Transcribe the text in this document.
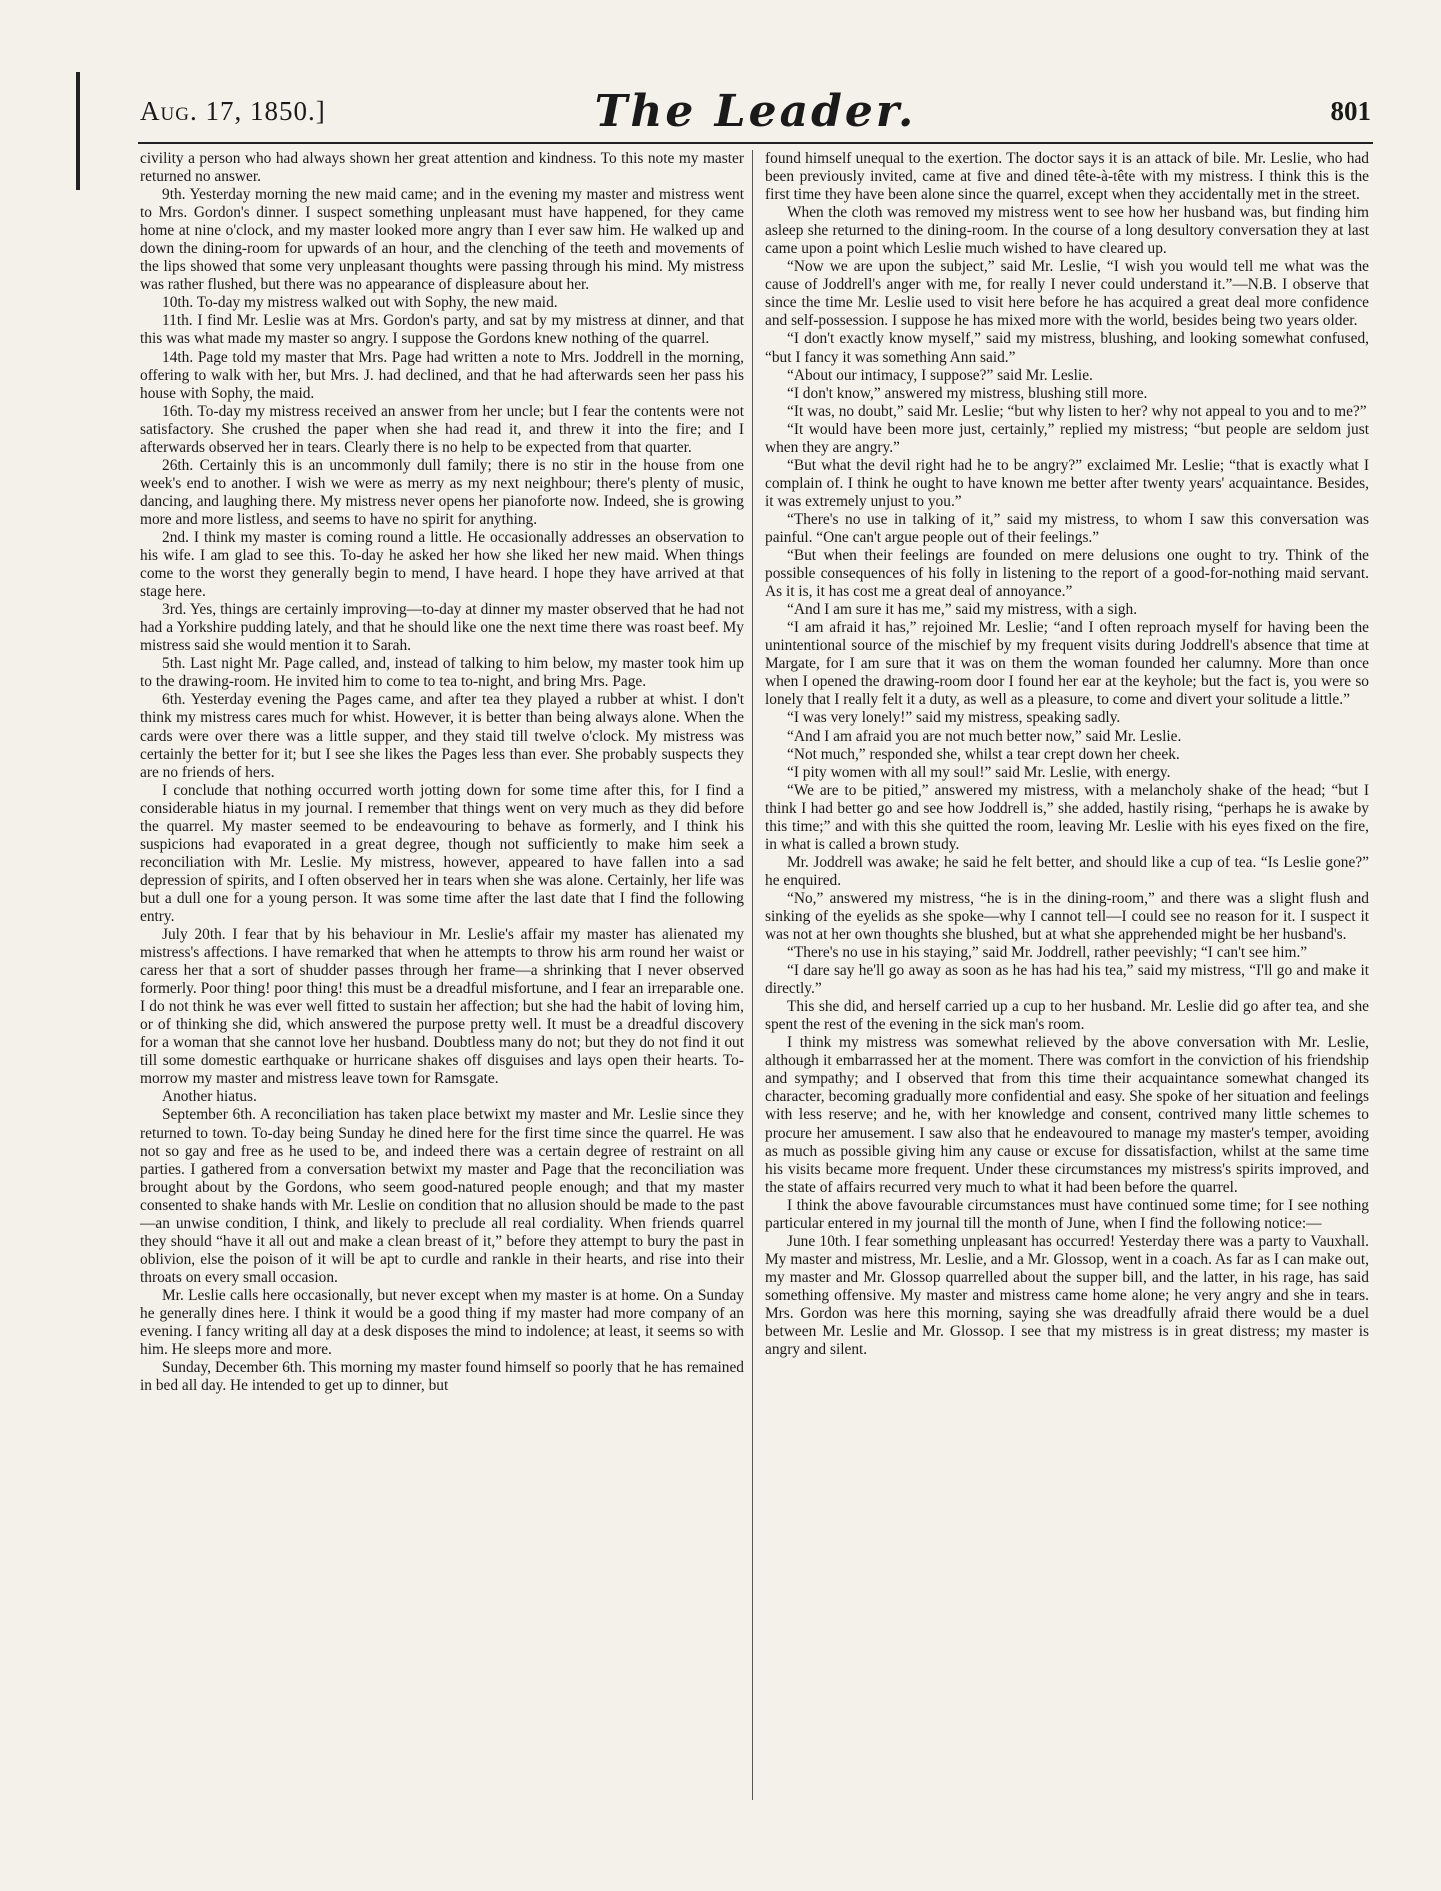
Aug. 17, 1850.]	The Leader.	801

civility a person who had always shown her great attention and kindness. To this note my master returned no answer.

9th. Yesterday morning the new maid came; and in the evening my master and mistress went to Mrs. Gordon's dinner. I suspect something unpleasant must have happened, for they came home at nine o'clock, and my master looked more angry than I ever saw him. He walked up and down the dining-room for upwards of an hour, and the clenching of the teeth and movements of the lips showed that some very unpleasant thoughts were passing through his mind. My mistress was rather flushed, but there was no appearance of displeasure about her.

10th. To-day my mistress walked out with Sophy, the new maid.

11th. I find Mr. Leslie was at Mrs. Gordon's party, and sat by my mistress at dinner, and that this was what made my master so angry. I suppose the Gordons knew nothing of the quarrel.

14th. Page told my master that Mrs. Page had written a note to Mrs. Joddrell in the morning, offering to walk with her, but Mrs. J. had declined, and that he had afterwards seen her pass his house with Sophy, the maid.

16th. To-day my mistress received an answer from her uncle; but I fear the contents were not satisfactory. She crushed the paper when she had read it, and threw it into the fire; and I afterwards observed her in tears. Clearly there is no help to be expected from that quarter.

26th. Certainly this is an uncommonly dull family; there is no stir in the house from one week's end to another. I wish we were as merry as my next neighbour; there's plenty of music, dancing, and laughing there. My mistress never opens her pianoforte now. Indeed, she is growing more and more listless, and seems to have no spirit for anything.

2nd. I think my master is coming round a little. He occasionally addresses an observation to his wife. I am glad to see this. To-day he asked her how she liked her new maid. When things come to the worst they generally begin to mend, I have heard. I hope they have arrived at that stage here.

3rd. Yes, things are certainly improving—to-day at dinner my master observed that he had not had a Yorkshire pudding lately, and that he should like one the next time there was roast beef. My mistress said she would mention it to Sarah.

5th. Last night Mr. Page called, and, instead of talking to him below, my master took him up to the drawing-room. He invited him to come to tea to-night, and bring Mrs. Page.

6th. Yesterday evening the Pages came, and after tea they played a rubber at whist. I don't think my mistress cares much for whist. However, it is better than being always alone. When the cards were over there was a little supper, and they staid till twelve o'clock. My mistress was certainly the better for it; but I see she likes the Pages less than ever. She probably suspects they are no friends of hers.

I conclude that nothing occurred worth jotting down for some time after this, for I find a considerable hiatus in my journal. I remember that things went on very much as they did before the quarrel. My master seemed to be endeavouring to behave as formerly, and I think his suspicions had evaporated in a great degree, though not sufficiently to make him seek a reconciliation with Mr. Leslie. My mistress, however, appeared to have fallen into a sad depression of spirits, and I often observed her in tears when she was alone. Certainly, her life was but a dull one for a young person. It was some time after the last date that I find the following entry.

July 20th. I fear that by his behaviour in Mr. Leslie's affair my master has alienated my mistress's affections. I have remarked that when he attempts to throw his arm round her waist or caress her that a sort of shudder passes through her frame—a shrinking that I never observed formerly. Poor thing! poor thing! this must be a dreadful misfortune, and I fear an irreparable one. I do not think he was ever well fitted to sustain her affection; but she had the habit of loving him, or of thinking she did, which answered the purpose pretty well. It must be a dreadful discovery for a woman that she cannot love her husband. Doubtless many do not; but they do not find it out till some domestic earthquake or hurricane shakes off disguises and lays open their hearts. To-morrow my master and mistress leave town for Ramsgate.

Another hiatus.

September 6th. A reconciliation has taken place betwixt my master and Mr. Leslie since they returned to town. To-day being Sunday he dined here for the first time since the quarrel. He was not so gay and free as he used to be, and indeed there was a certain degree of restraint on all parties. I gathered from a conversation betwixt my master and Page that the reconciliation was brought about by the Gordons, who seem good-natured people enough; and that my master consented to shake hands with Mr. Leslie on condition that no allusion should be made to the past—an unwise condition, I think, and likely to preclude all real cordiality. When friends quarrel they should “have it all out and make a clean breast of it,” before they attempt to bury the past in oblivion, else the poison of it will be apt to curdle and rankle in their hearts, and rise into their throats on every small occasion.

Mr. Leslie calls here occasionally, but never except when my master is at home. On a Sunday he generally dines here. I think it would be a good thing if my master had more company of an evening. I fancy writing all day at a desk disposes the mind to indolence; at least, it seems so with him. He sleeps more and more.

Sunday, December 6th. This morning my master found himself so poorly that he has remained in bed all day. He intended to get up to dinner, but

found himself unequal to the exertion. The doctor says it is an attack of bile. Mr. Leslie, who had been previously invited, came at five and dined tête-à-tête with my mistress. I think this is the first time they have been alone since the quarrel, except when they accidentally met in the street.

When the cloth was removed my mistress went to see how her husband was, but finding him asleep she returned to the dining-room. In the course of a long desultory conversation they at last came upon a point which Leslie much wished to have cleared up.

“Now we are upon the subject,” said Mr. Leslie, “I wish you would tell me what was the cause of Joddrell's anger with me, for really I never could understand it.”—N.B. I observe that since the time Mr. Leslie used to visit here before he has acquired a great deal more confidence and self-possession. I suppose he has mixed more with the world, besides being two years older.

“I don't exactly know myself,” said my mistress, blushing, and looking somewhat confused, “but I fancy it was something Ann said.”

“About our intimacy, I suppose?” said Mr. Leslie.

“I don't know,” answered my mistress, blushing still more.

“It was, no doubt,” said Mr. Leslie; “but why listen to her? why not appeal to you and to me?”

“It would have been more just, certainly,” replied my mistress; “but people are seldom just when they are angry.”

“But what the devil right had he to be angry?” exclaimed Mr. Leslie; “that is exactly what I complain of. I think he ought to have known me better after twenty years' acquaintance. Besides, it was extremely unjust to you.”

“There's no use in talking of it,” said my mistress, to whom I saw this conversation was painful. “One can't argue people out of their feelings.”

“But when their feelings are founded on mere delusions one ought to try. Think of the possible consequences of his folly in listening to the report of a good-for-nothing maid servant. As it is, it has cost me a great deal of annoyance.”

“And I am sure it has me,” said my mistress, with a sigh.

“I am afraid it has,” rejoined Mr. Leslie; “and I often reproach myself for having been the unintentional source of the mischief by my frequent visits during Joddrell's absence that time at Margate, for I am sure that it was on them the woman founded her calumny. More than once when I opened the drawing-room door I found her ear at the keyhole; but the fact is, you were so lonely that I really felt it a duty, as well as a pleasure, to come and divert your solitude a little.”

“I was very lonely!” said my mistress, speaking sadly.

“And I am afraid you are not much better now,” said Mr. Leslie.

“Not much,” responded she, whilst a tear crept down her cheek.

“I pity women with all my soul!” said Mr. Leslie, with energy.

“We are to be pitied,” answered my mistress, with a melancholy shake of the head; “but I think I had better go and see how Joddrell is,” she added, hastily rising, “perhaps he is awake by this time;” and with this she quitted the room, leaving Mr. Leslie with his eyes fixed on the fire, in what is called a brown study.

Mr. Joddrell was awake; he said he felt better, and should like a cup of tea. “Is Leslie gone?” he enquired.

“No,” answered my mistress, “he is in the dining-room,” and there was a slight flush and sinking of the eyelids as she spoke—why I cannot tell—I could see no reason for it. I suspect it was not at her own thoughts she blushed, but at what she apprehended might be her husband's.

“There's no use in his staying,” said Mr. Joddrell, rather peevishly; “I can't see him.”

“I dare say he'll go away as soon as he has had his tea,” said my mistress, “I'll go and make it directly.”

This she did, and herself carried up a cup to her husband. Mr. Leslie did go after tea, and she spent the rest of the evening in the sick man's room.

I think my mistress was somewhat relieved by the above conversation with Mr. Leslie, although it embarrassed her at the moment. There was comfort in the conviction of his friendship and sympathy; and I observed that from this time their acquaintance somewhat changed its character, becoming gradually more confidential and easy. She spoke of her situation and feelings with less reserve; and he, with her knowledge and consent, contrived many little schemes to procure her amusement. I saw also that he endeavoured to manage my master's temper, avoiding as much as possible giving him any cause or excuse for dissatisfaction, whilst at the same time his visits became more frequent. Under these circumstances my mistress's spirits improved, and the state of affairs recurred very much to what it had been before the quarrel.

I think the above favourable circumstances must have continued some time; for I see nothing particular entered in my journal till the month of June, when I find the following notice:—

June 10th. I fear something unpleasant has occurred! Yesterday there was a party to Vauxhall. My master and mistress, Mr. Leslie, and a Mr. Glossop, went in a coach. As far as I can make out, my master and Mr. Glossop quarrelled about the supper bill, and the latter, in his rage, has said something offensive. My master and mistress came home alone; he very angry and she in tears. Mrs. Gordon was here this morning, saying she was dreadfully afraid there would be a duel between Mr. Leslie and Mr. Glossop. I see that my mistress is in great distress; my master is angry and silent.
